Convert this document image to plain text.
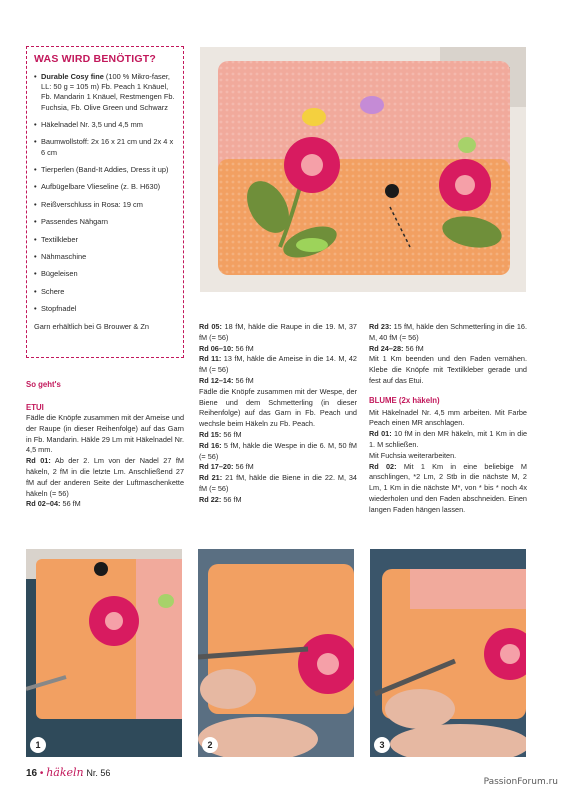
WAS WIRD BENÖTIGT?
• Durable Cosy fine (100 % Mikro-faser, LL: 50 g = 105 m) Fb. Peach 1 Knäuel, Fb. Mandarin 1 Knäuel, Restmengen Fb. Fuchsia, Fb. Olive Green und Schwarz
• Häkelnadel Nr. 3,5 und 4,5 mm
• Baumwollstoff: 2x 16 x 21 cm und 2x 4 x 6 cm
• Tierperlen (Band-It Addies, Dress it up)
• Aufbügelbare Vlieseline (z. B. H630)
• Reißverschluss in Rosa: 19 cm
• Passendes Nähgarn
• Textilkleber
• Nähmaschine
• Bügeleisen
• Schere
• Stopfnadel
Garn erhältlich bei G Brouwer & Zn
So geht's
ETUI
Fädle die Knöpfe zusammen mit der Ameise und der Raupe (in dieser Reihenfolge) auf das Garn in Fb. Mandarin. Häkle 29 Lm mit Häkelnadel Nr. 4,5 mm.
Rd 01: Ab der 2. Lm von der Nadel 27 fM häkeln, 2 fM in die letzte Lm. Anschließend 27 fM auf der anderen Seite der Luftmaschenkette häkeln (= 56)
Rd 02–04: 56 fM
Rd 05: 18 fM, häkle die Raupe in die 19. M, 37 fM (= 56)
Rd 06–10: 56 fM
Rd 11: 13 fM, häkle die Ameise in die 14. M, 42 fM (= 56)
Rd 12–14: 56 fM
Fädle die Knöpfe zusammen mit der Wespe, der Biene und dem Schmetterling (in dieser Reihenfolge) auf das Garn in Fb. Peach und wechsle beim Häkeln zu Fb. Peach.
Rd 15: 56 fM
Rd 16: 5 fM, häkle die Wespe in die 6. M, 50 fM (= 56)
Rd 17–20: 56 fM
Rd 21: 21 fM, häkle die Biene in die 22. M, 34 fM (= 56)
Rd 22: 56 fM
Rd 23: 15 fM, häkle den Schmetterling in die 16. M, 40 fM (= 56)
Rd 24–28: 56 fM
Mit 1 Km beenden und den Faden vernähen. Klebe die Knöpfe mit Textilkleber gerade und fest auf das Etui.
BLUME (2x häkeln)
Mit Häkelnadel Nr. 4,5 mm arbeiten. Mit Farbe Peach einen MR anschlagen.
Rd 01: 10 fM in den MR häkeln, mit 1 Km in die 1. M schließen.
Mit Fuchsia weiterarbeiten.
Rd 02: Mit 1 Km in eine beliebige M anschlingen, *2 Lm, 2 Stb in die nächste M, 2 Lm, 1 Km in die nächste M*, von * bis * noch 4x wiederholen und den Faden abschneiden. Einen langen Faden hängen lassen.
1	2	3
16 • häkeln Nr. 56
PassionForum.ru
